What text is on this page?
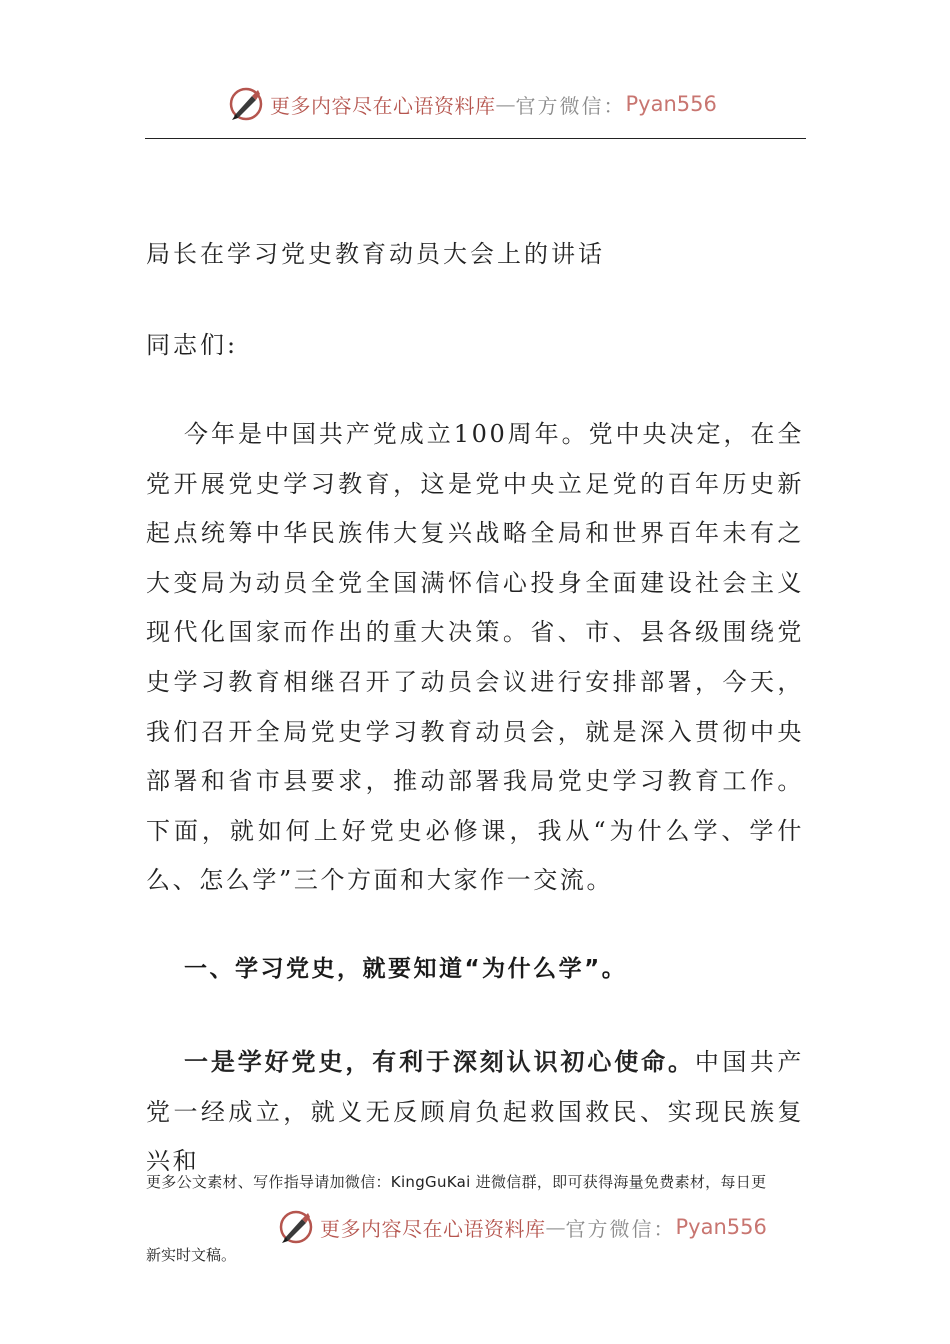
更多内容尽在心语资料库 — 官方微信： Pyan556
局长在学习党史教育动员大会上的讲话
同志们:

今年是中国共产党成立100周年。党中央决定，在全党开展党史学习教育，这是党中央立足党的百年历史新起点统筹中华民族伟大复兴战略全局和世界百年未有之大变局为动员全党全国满怀信心投身全面建设社会主义现代化国家而作出的重大决策。省、市、县各级围绕党史学习教育相继召开了动员会议进行安排部署，今天，我们召开全局党史学习教育动员会，就是深入贯彻中央部署和省市县要求，推动部署我局党史学习教育工作。下面，就如何上好党史必修课，我从“为什么学、学什么、怎么学”三个方面和大家作一交流。

一、学习党史，就要知道“为什么学”。

一是学好党史，有利于深刻认识初心使命。中国共产党一经成立，就义无反顾肩负起救国救民、实现民族复兴和

更多公文素材、写作指导请加微信：KingGuKai 进微信群，即可获得海量免费素材，每日更

更多内容尽在心语资料库 — 官方微信： Pyan556

新实时文稿。
